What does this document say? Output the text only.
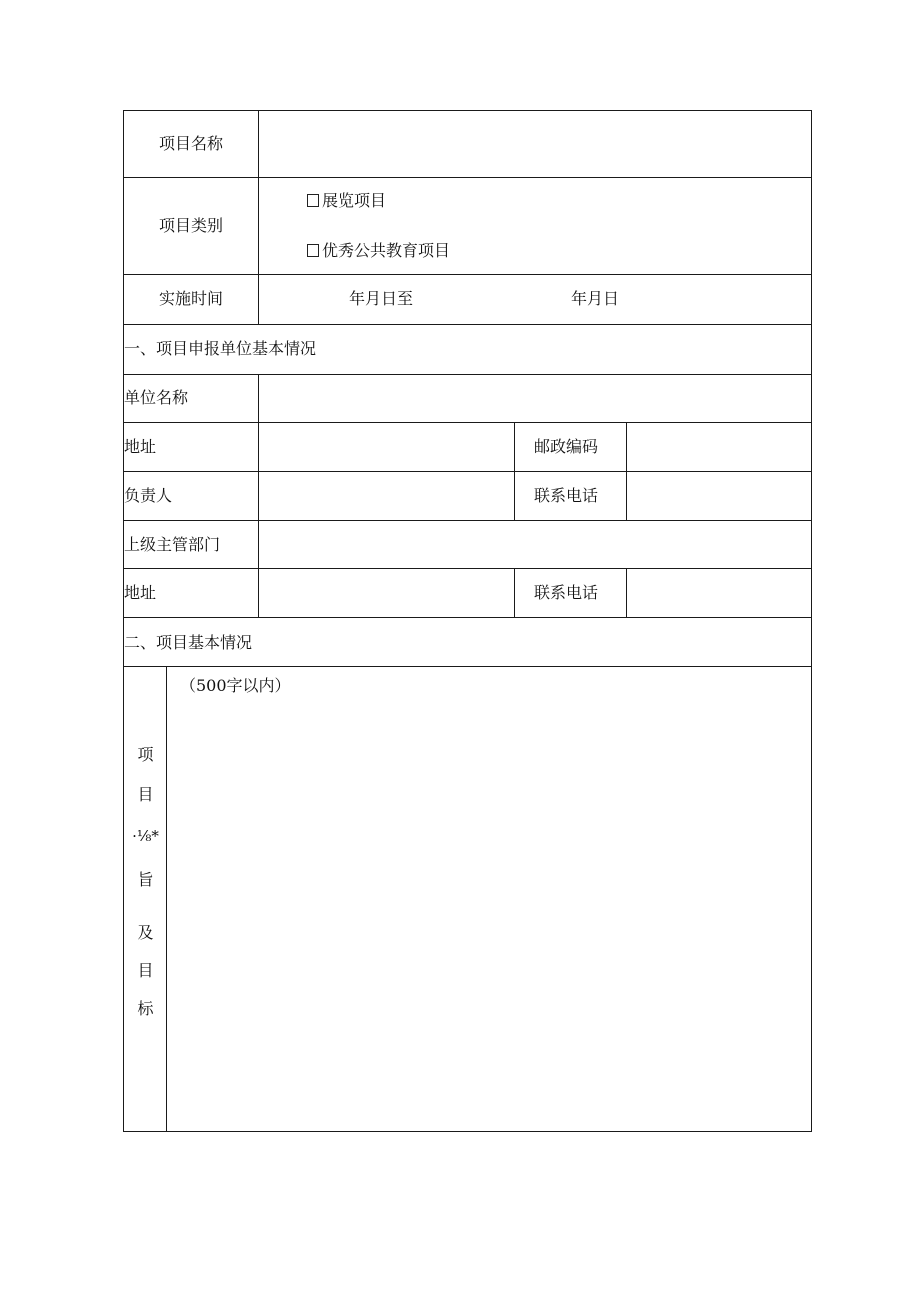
项目名称
项目类别
展览项目
优秀公共教育项目
实施时间	年月日至	年月日
一、项目申报单位基本情况
单位名称
地址	邮政编码
负责人	联系电话
上级主管部门
地址	联系电话
二、项目基本情况
项
目
·⅛*
旨
及
目
标
（500字以内）
